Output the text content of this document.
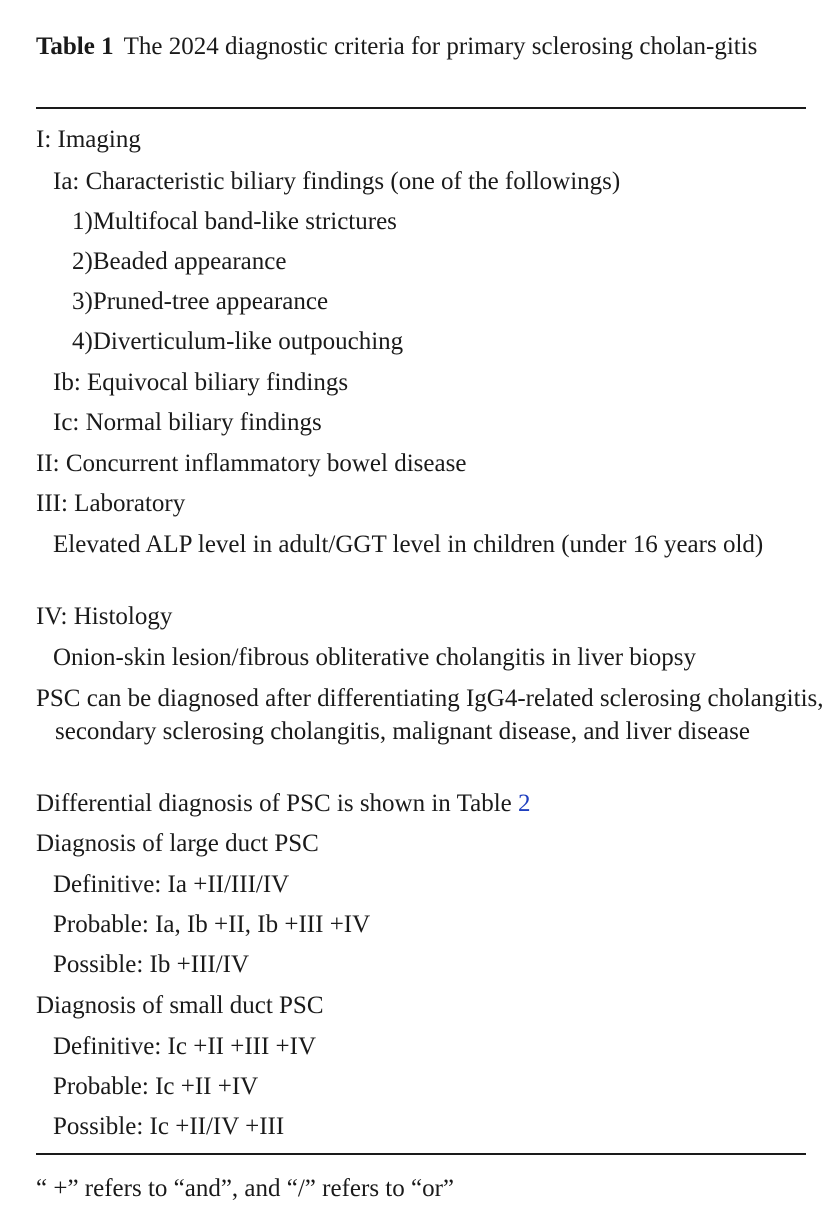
Table 1 The 2024 diagnostic criteria for primary sclerosing cholan-gitis
I: Imaging
Ia: Characteristic biliary findings (one of the followings)
1)Multifocal band-like strictures
2)Beaded appearance
3)Pruned-tree appearance
4)Diverticulum-like outpouching
Ib: Equivocal biliary findings
Ic: Normal biliary findings
II: Concurrent inflammatory bowel disease
III: Laboratory
Elevated ALP level in adult/GGT level in children (under 16 years old)
IV: Histology
Onion-skin lesion/fibrous obliterative cholangitis in liver biopsy
PSC can be diagnosed after differentiating IgG4-related sclerosing cholangitis, secondary sclerosing cholangitis, malignant disease, and liver disease
Differential diagnosis of PSC is shown in Table 2
Diagnosis of large duct PSC
Definitive: Ia +II/III/IV
Probable: Ia, Ib +II, Ib +III +IV
Possible: Ib +III/IV
Diagnosis of small duct PSC
Definitive: Ic +II +III +IV
Probable: Ic +II +IV
Possible: Ic +II/IV +III
“ +” refers to “and”, and “/” refers to “or”
